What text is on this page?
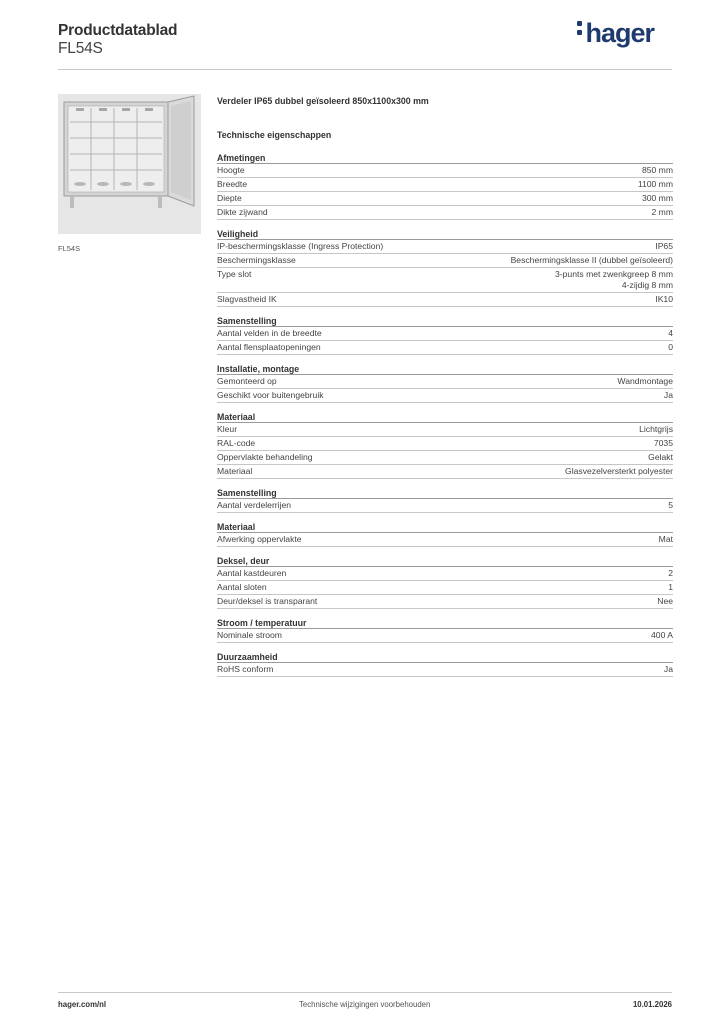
Productdatablad
FL54S
hager
FL54S
Verdeler IP65 dubbel geïsoleerd 850x1100x300 mm
Technische eigenschappen
Afmetingen
Hoogte	850 mm
Breedte	1100 mm
Diepte	300 mm
Dikte zijwand	2 mm
Veiligheid
IP-beschermingsklasse (Ingress Protection)	IP65
Beschermingsklasse	Beschermingsklasse II (dubbel geïsoleerd)
Type slot	3-punts met zwenkgreep 8 mm
4-zijdig 8 mm
Slagvastheid IK	IK10
Samenstelling
Aantal velden in de breedte	4
Aantal flensplaatopeningen	0
Installatie, montage
Gemonteerd op	Wandmontage
Geschikt voor buitengebruik	Ja
Materiaal
Kleur	Lichtgrijs
RAL-code	7035
Oppervlakte behandeling	Gelakt
Materiaal	Glasvezelversterkt polyester
Samenstelling
Aantal verdelerrijen	5
Materiaal
Afwerking oppervlakte	Mat
Deksel, deur
Aantal kastdeuren	2
Aantal sloten	1
Deur/deksel is transparant	Nee
Stroom / temperatuur
Nominale stroom	400 A
Duurzaamheid
RoHS conform	Ja
hager.com/nl	Technische wijzigingen voorbehouden	10.01.2026
